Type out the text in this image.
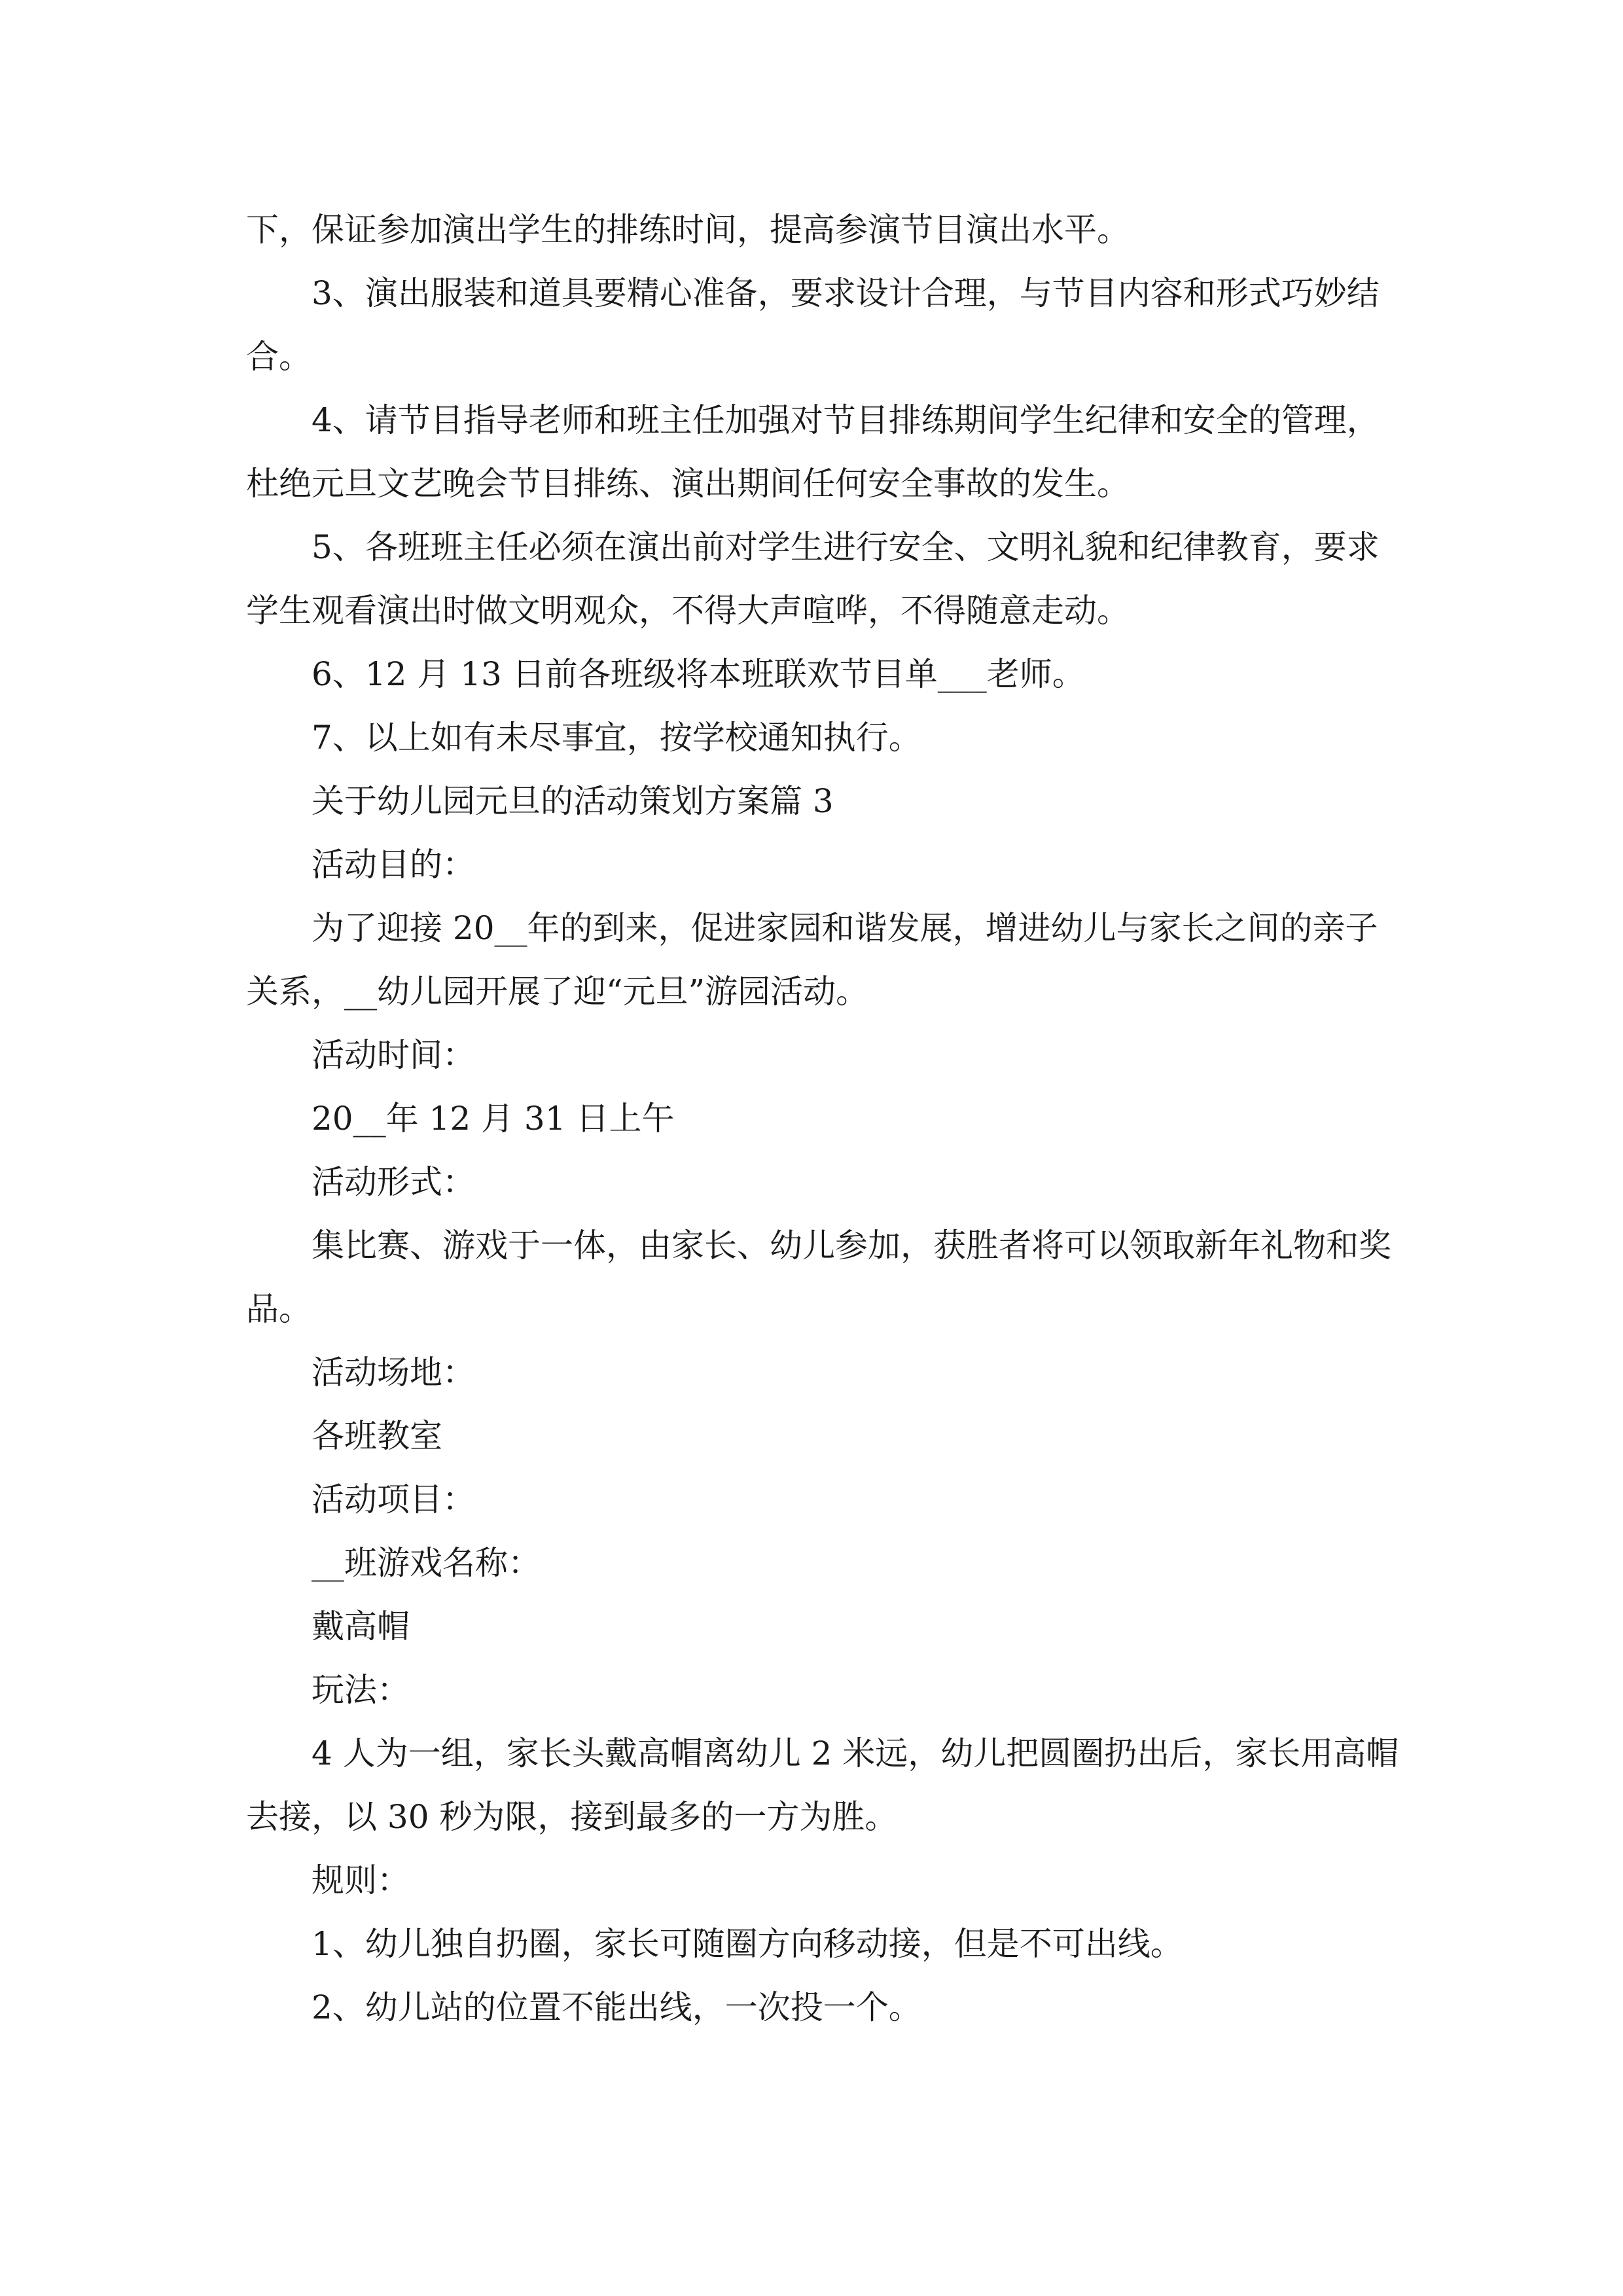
下，保证参加演出学生的排练时间，提高参演节目演出水平。
3、演出服装和道具要精心准备，要求设计合理，与节目内容和形式巧妙结
合。
4、请节目指导老师和班主任加强对节目排练期间学生纪律和安全的管理，
杜绝元旦文艺晚会节目排练、演出期间任何安全事故的发生。
5、各班班主任必须在演出前对学生进行安全、文明礼貌和纪律教育，要求
学生观看演出时做文明观众，不得大声喧哗，不得随意走动。
6、12 月 13 日前各班级将本班联欢节目单___老师。
7、以上如有未尽事宜，按学校通知执行。
关于幼儿园元旦的活动策划方案篇 3
活动目的：
为了迎接 20__年的到来，促进家园和谐发展，增进幼儿与家长之间的亲子
关系，__幼儿园开展了迎“元旦”游园活动。
活动时间：
20__年 12 月 31 日上午
活动形式：
集比赛、游戏于一体，由家长、幼儿参加，获胜者将可以领取新年礼物和奖
品。
活动场地：
各班教室
活动项目：
__班游戏名称：
戴高帽
玩法：
4 人为一组，家长头戴高帽离幼儿 2 米远，幼儿把圆圈扔出后，家长用高帽
去接，以 30 秒为限，接到最多的一方为胜。
规则：
1、幼儿独自扔圈，家长可随圈方向移动接，但是不可出线。
2、幼儿站的位置不能出线，一次投一个。
